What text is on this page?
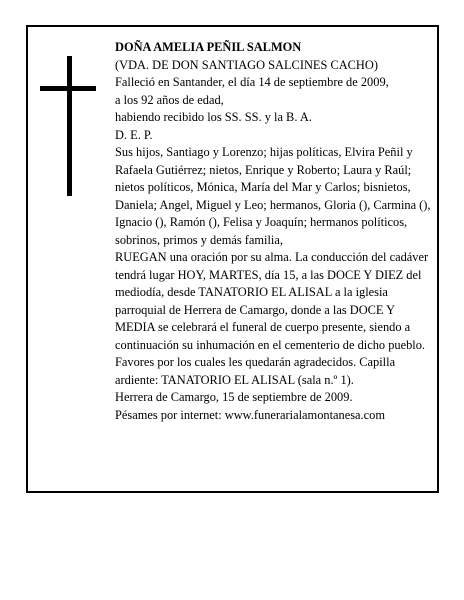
DOÑA AMELIA PEÑIL SALMON

(VDA. DE DON SANTIAGO SALCINES CACHO)

Falleció en Santander, el día 14 de septiembre de 2009,

a los 92 años de edad,

habiendo recibido los SS. SS. y la B. A.

D. E. P.

Sus hijos, Santiago y Lorenzo; hijas políticas, Elvira Peñil y Rafaela Gutiérrez; nietos, Enrique y Roberto; Laura y Raúl; nietos políticos, Mónica, María del Mar y Carlos; bisnietos, Daniela; Angel, Miguel y Leo; hermanos, Gloria (), Carmina (), Ignacio (), Ramón (), Felisa y Joaquín; hermanos políticos, sobrinos, primos y demás familia,

RUEGAN una oración por su alma. La conducción del cadáver tendrá lugar HOY, MARTES, día 15, a las DOCE Y DIEZ del mediodía, desde TANATORIO EL ALISAL a la iglesia parroquial de Herrera de Camargo, donde a las DOCE Y MEDIA se celebrará el funeral de cuerpo presente, siendo a continuación su inhumación en el cementerio de dicho pueblo. Favores por los cuales les quedarán agradecidos. Capilla ardiente: TANATORIO EL ALISAL (sala n.º 1).

Herrera de Camargo, 15 de septiembre de 2009.

Pésames por internet: www.funerarialamontanesa.com
